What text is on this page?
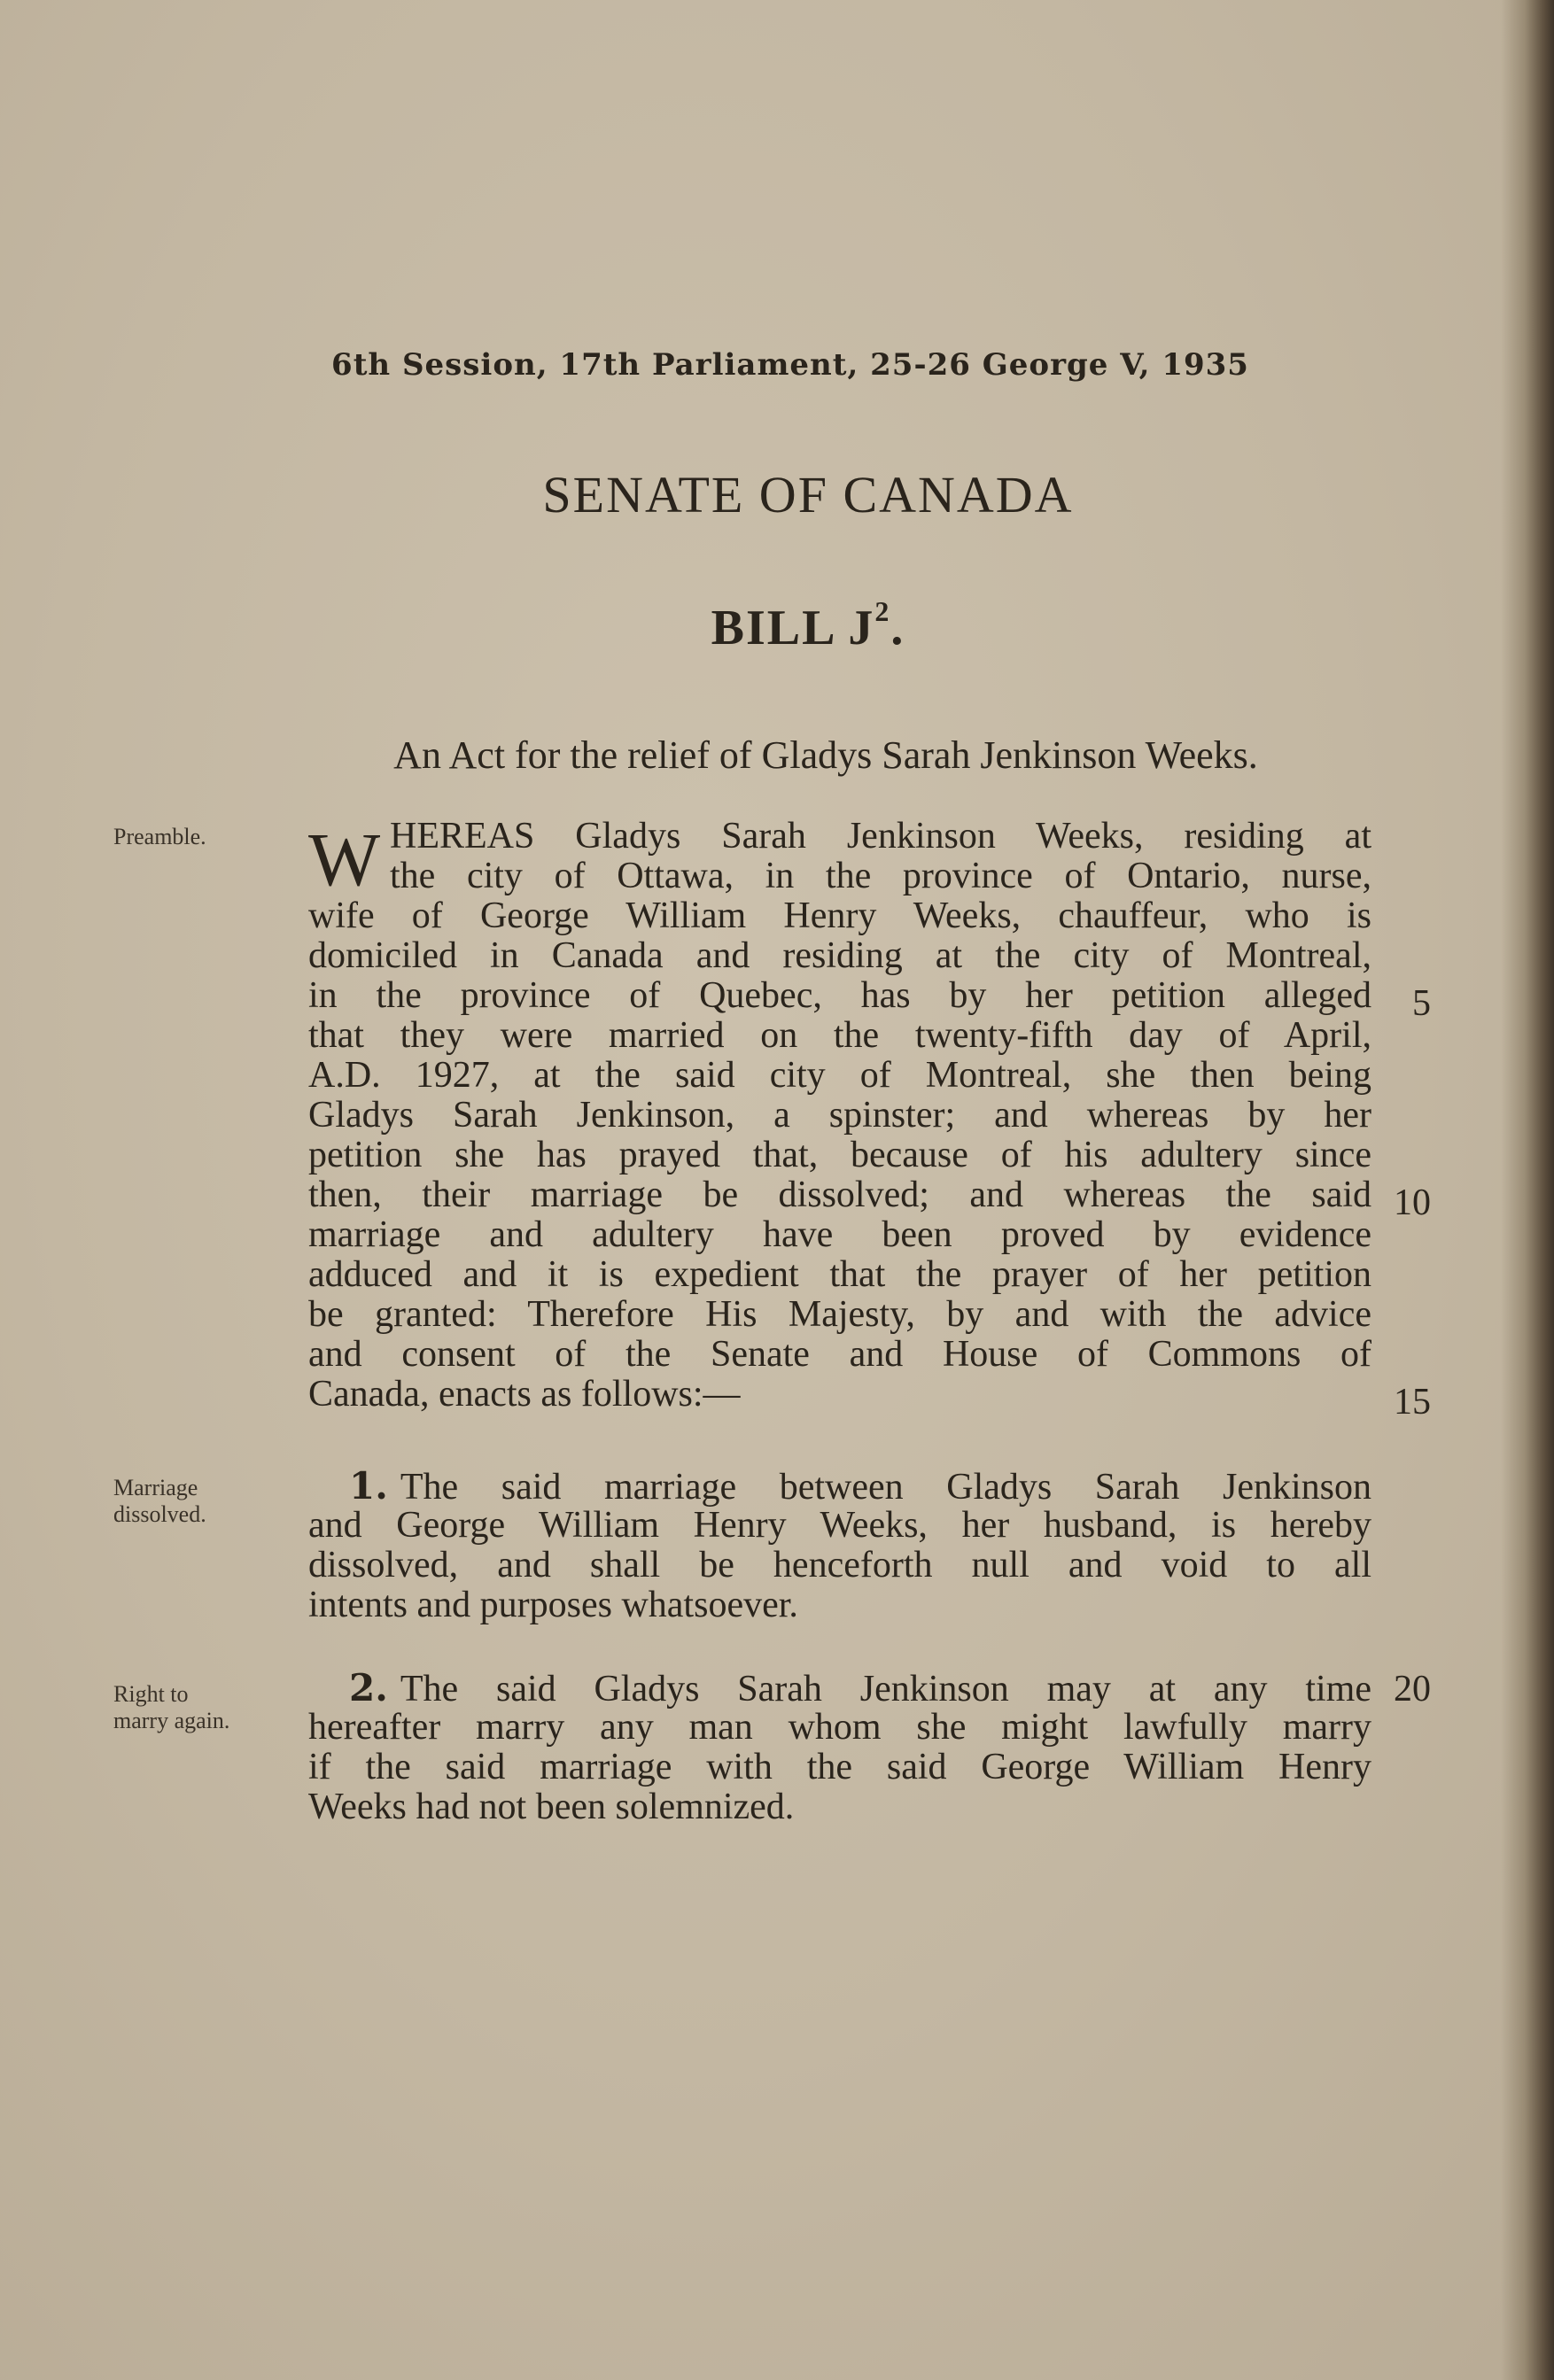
6th Session, 17th Parliament, 25-26 George V, 1935
SENATE OF CANADA
BILL $J^2$.
An Act for the relief of Gladys Sarah Jenkinson Weeks.
Preamble.	W HEREAS Gladys Sarah Jenkinson Weeks, residing at
the city of Ottawa, in the province of Ontario, nurse,
wife of George William Henry Weeks, chauffeur, who is
domiciled in Canada and residing at the city of Montreal,
in the province of Quebec, has by her petition alleged
that they were married on the twenty-fifth day of April,
A.D. 1927, at the said city of Montreal, she then being
Gladys Sarah Jenkinson, a spinster; and whereas by her
petition she has prayed that, because of his adultery since
then, their marriage be dissolved; and whereas the said
marriage and adultery have been proved by evidence
adduced and it is expedient that the prayer of her petition
be granted: Therefore His Majesty, by and with the advice
and consent of the Senate and House of Commons of
Canada, enacts as follows:—
Marriage
dissolved.
1. The said marriage between Gladys Sarah Jenkinson
and George William Henry Weeks, her husband, is hereby
dissolved, and shall be henceforth null and void to all
intents and purposes whatsoever.
Right to
marry again.
2. The said Gladys Sarah Jenkinson may at any time
hereafter marry any man whom she might lawfully marry
if the said marriage with the said George William Henry
Weeks had not been solemnized.
5
10
15
20
